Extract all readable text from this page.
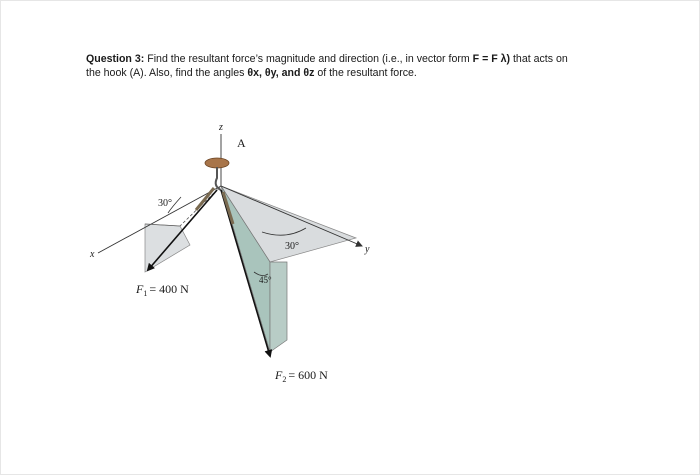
Question 3: Find the resultant force’s magnitude and direction (i.e., in vector form F = F λ) that acts on
the hook (A). Also, find the angles θx, θy, and θz of the resultant force.
z
x	y
A
30°
30°
45°
$F_1 = 400$ N
$F_2 = 600$ N
